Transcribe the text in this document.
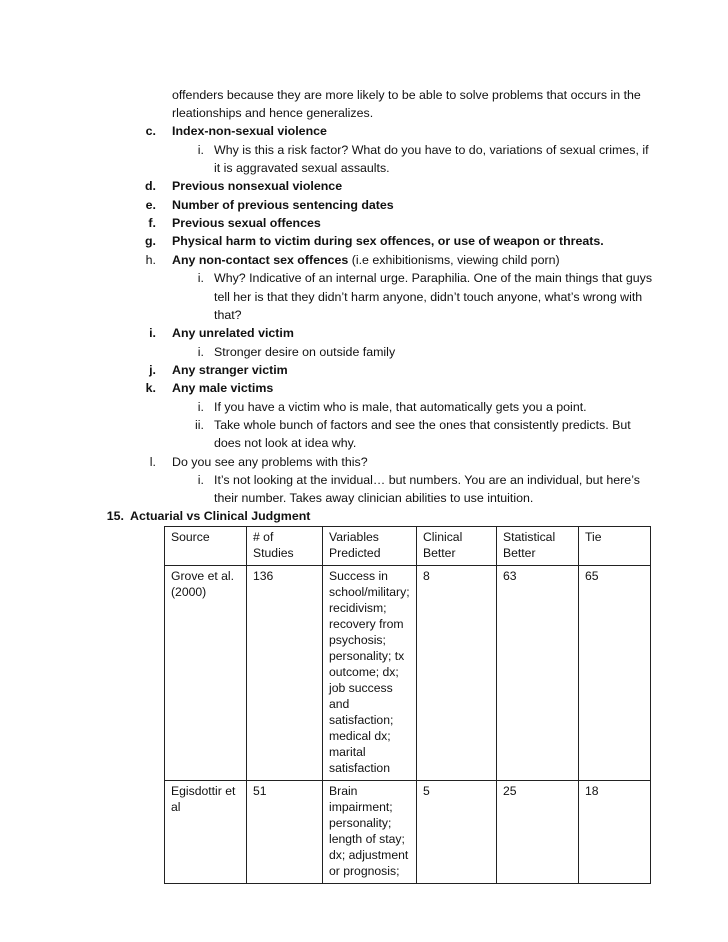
offenders because they are more likely to be able to solve problems that occurs in the
rleationships and hence generalizes.
c. Index-non-sexual violence
i. Why is this a risk factor? What do you have to do, variations of sexual crimes, if
it is aggravated sexual assaults.
d. Previous nonsexual violence
e. Number of previous sentencing dates
f. Previous sexual offences
g. Physical harm to victim during sex offences, or use of weapon or threats.
h. Any non-contact sex offences (i.e exhibitionisms, viewing child porn)
i. Why? Indicative of an internal urge. Paraphilia. One of the main things that guys
tell her is that they didn’t harm anyone, didn’t touch anyone, what’s wrong with
that?
i. Any unrelated victim
i. Stronger desire on outside family
j. Any stranger victim
k. Any male victims
i. If you have a victim who is male, that automatically gets you a point.
ii. Take whole bunch of factors and see the ones that consistently predicts. But
does not look at idea why.
l. Do you see any problems with this?
i. It’s not looking at the invidual… but numbers. You are an individual, but here’s
their number. Takes away clinician abilities to use intuition.
15. Actuarial vs Clinical Judgment
Source	# of Studies	Variables Predicted	Clinical Better	Statistical Better	Tie
Grove et al. (2000)	136	Success in school/military; recidivism; recovery from psychosis; personality; tx outcome; dx; job success and satisfaction; medical dx; marital satisfaction	8	63	65
Egisdottir et al	51	Brain impairment; personality; length of stay; dx; adjustment or prognosis;	5	25	18
